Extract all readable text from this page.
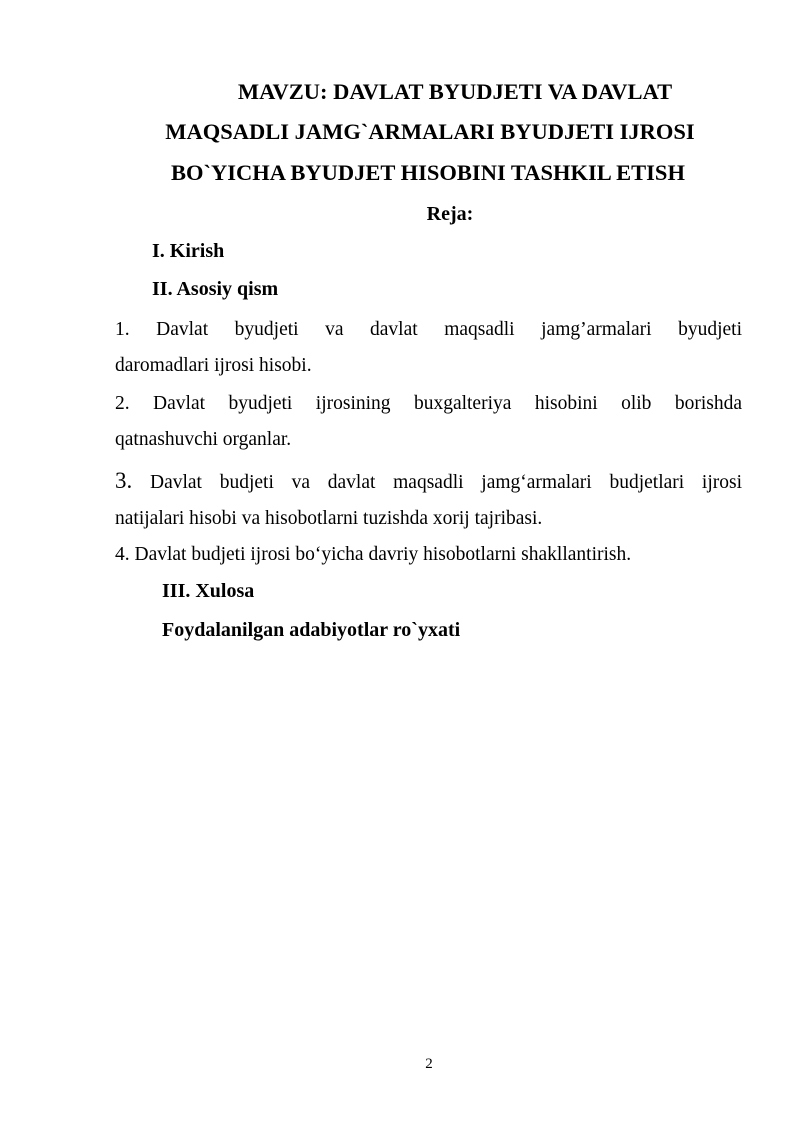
MAVZU: DAVLAT BYUDJETI VA DAVLAT
MAQSADLI JAMG`ARMALARI BYUDJETI IJROSI
BO`YICHA BYUDJET HISOBINI TASHKIL ETISH
Reja:
I. Kirish
II. Asosiy qism
1. Davlat byudjeti va davlat maqsadli jamg’armalari byudjeti
daromadlari ijrosi hisobi.
2. Davlat byudjeti ijrosining buxgalteriya hisobini olib borishda
qatnashuvchi organlar.
3. Davlat budjeti va davlat maqsadli jamg‘armalari budjetlari ijrosi
natijalari hisobi va hisobotlarni tuzishda xorij tajribasi.
4. Davlat budjeti ijrosi bo‘yicha davriy hisobotlarni shakllantirish.
III. Xulosa
Foydalanilgan adabiyotlar ro`yxati
2
